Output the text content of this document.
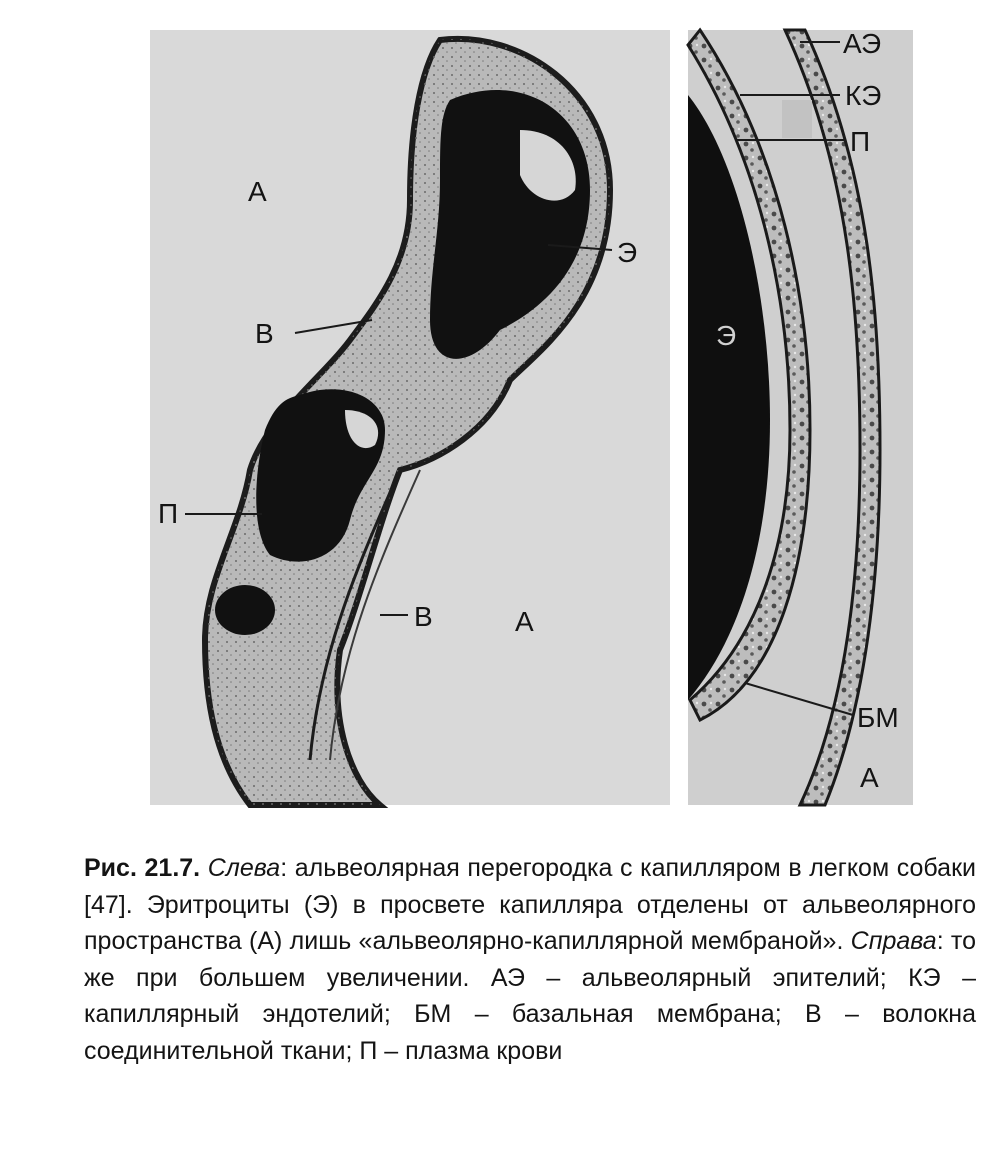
А
Э
В
П
В	А
АЭ
КЭ
П
Э
БМ
А
Рис. 21.7. Слева: альвеолярная перегородка с капилляром в легком собаки [47]. Эритроциты (Э) в просвете капилляра отделены от альвеолярного пространства (А) лишь «альвеолярно-капиллярной мембраной». Справа: то же при большем увеличении. АЭ – альвеолярный эпителий; КЭ – капиллярный эндотелий; БМ – базальная мембрана; В – волокна соединительной ткани; П – плазма крови
